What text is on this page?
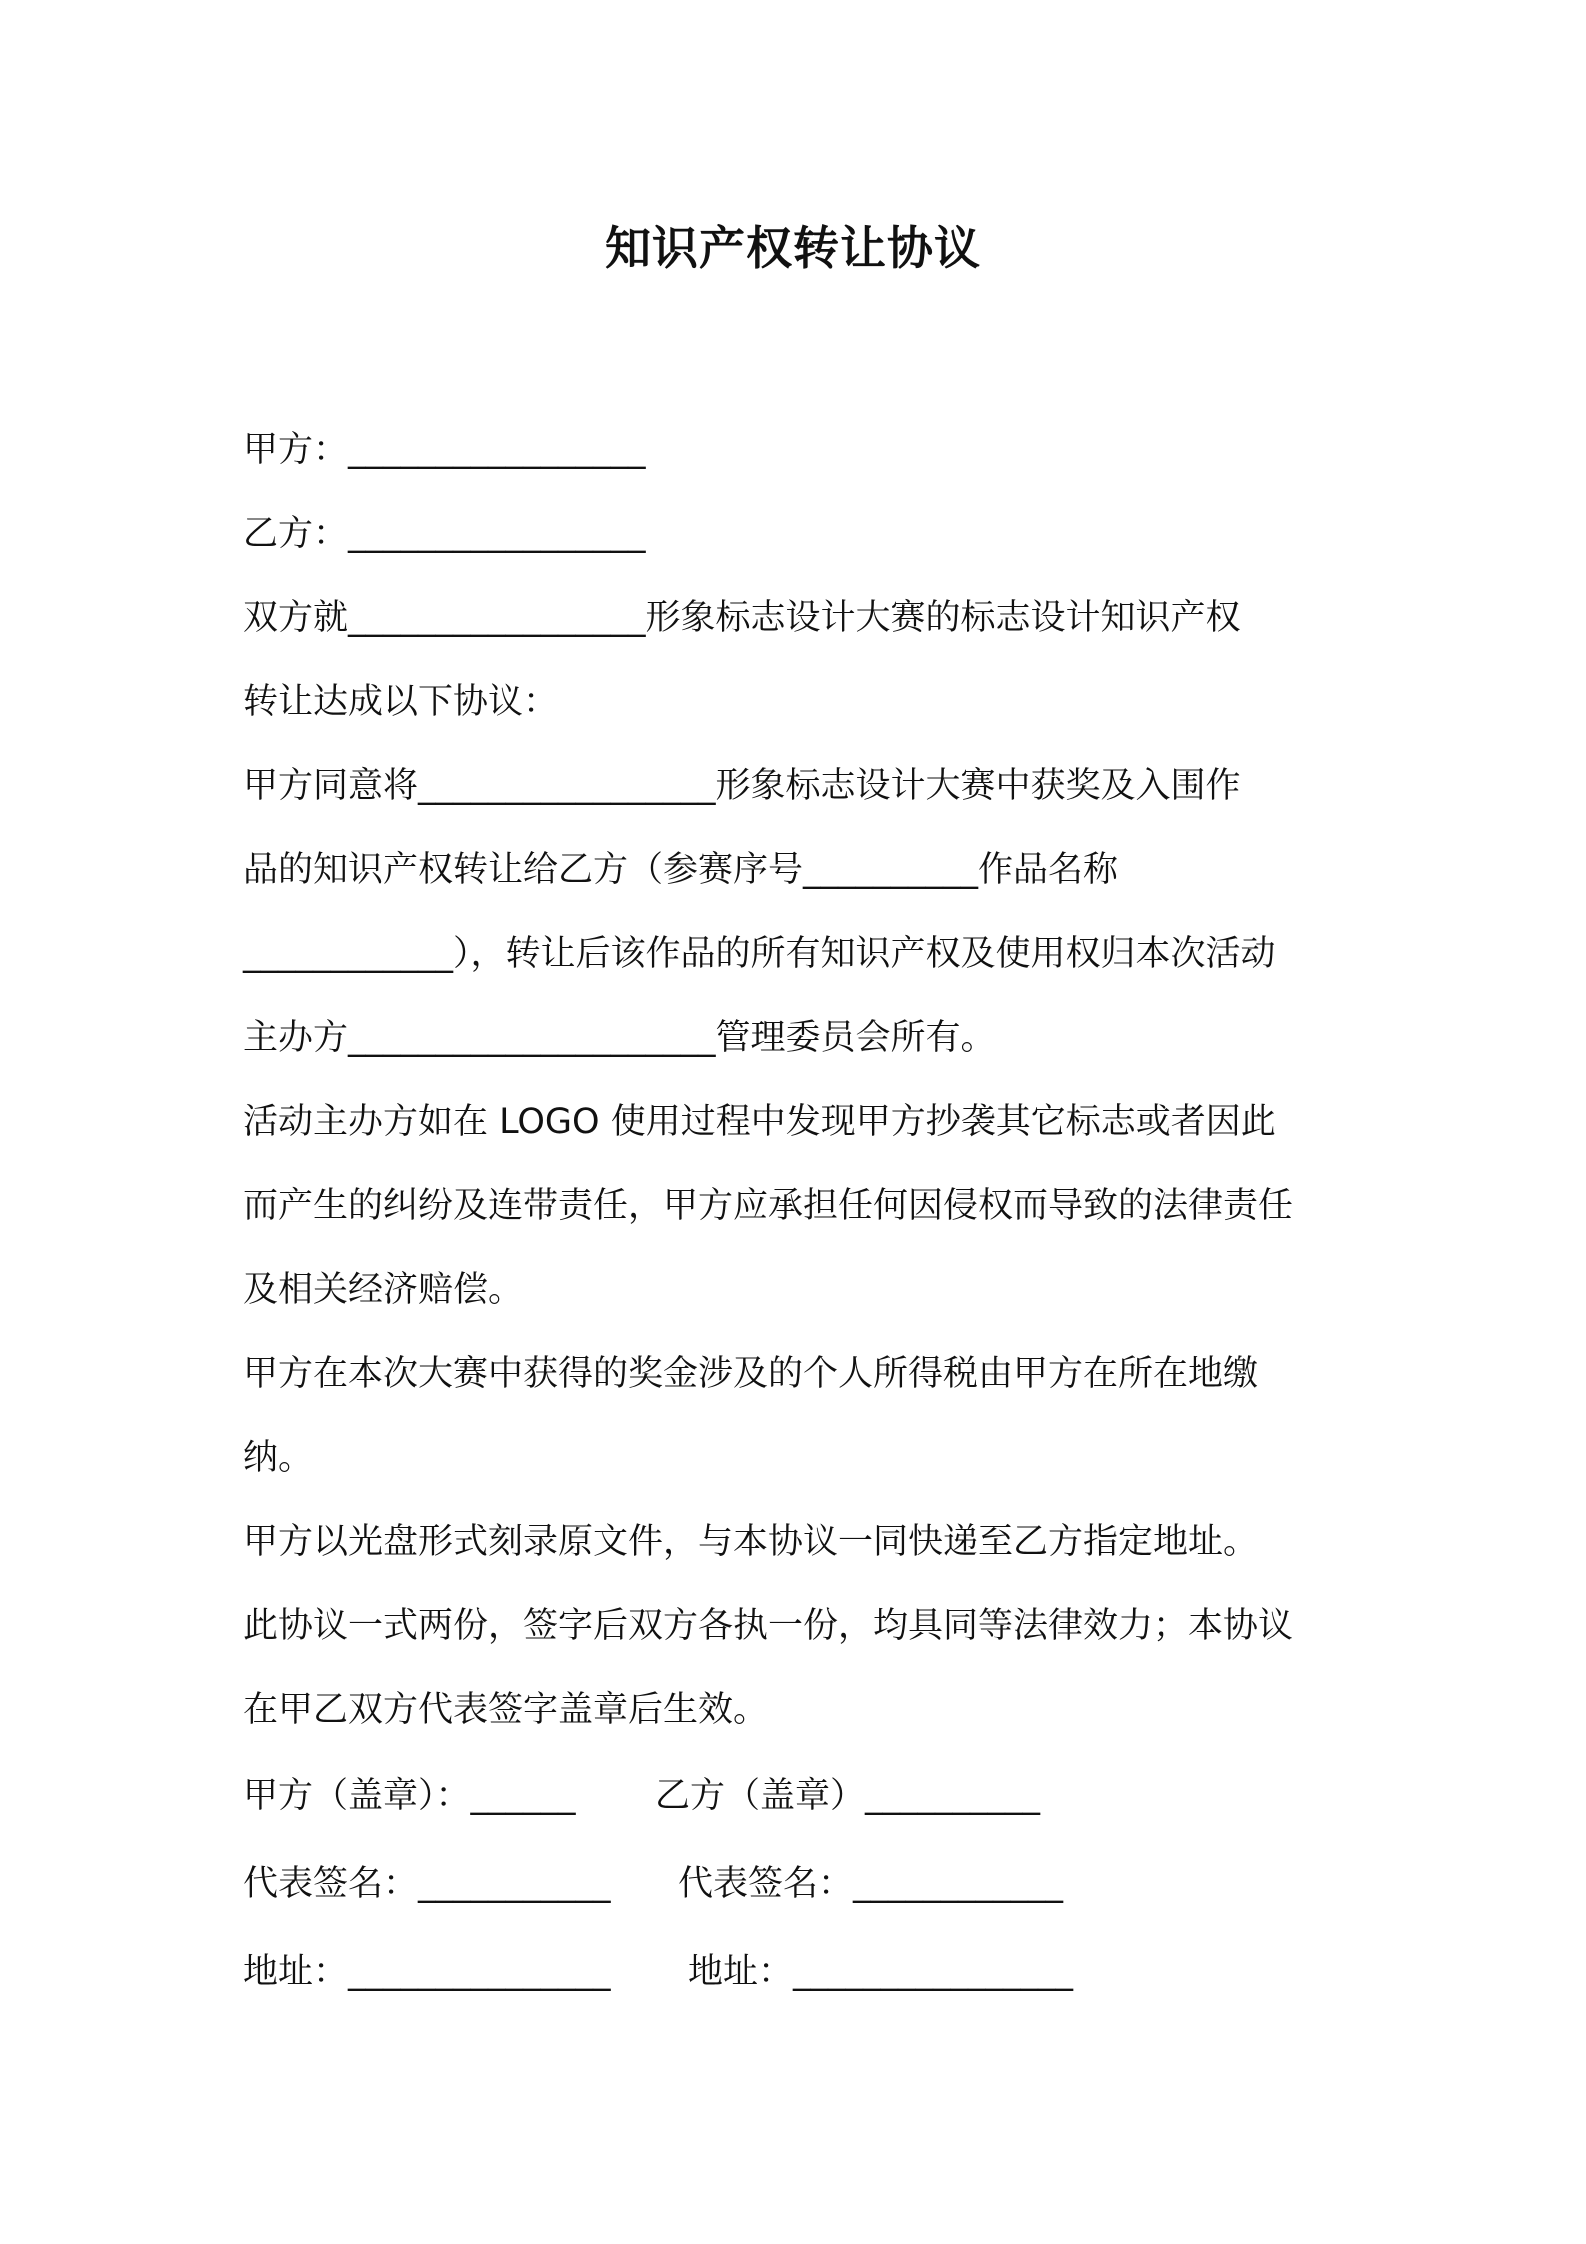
知识产权转让协议
甲方：_________________
乙方：_________________
双方就_________________形象标志设计大赛的标志设计知识产权
转让达成以下协议：
甲方同意将_________________形象标志设计大赛中获奖及入围作
品的知识产权转让给乙方（参赛序号__________作品名称
____________），转让后该作品的所有知识产权及使用权归本次活动
主办方_____________________管理委员会所有。
活动主办方如在 LOGO 使用过程中发现甲方抄袭其它标志或者因此
而产生的纠纷及连带责任，甲方应承担任何因侵权而导致的法律责任
及相关经济赔偿。
甲方在本次大赛中获得的奖金涉及的个人所得税由甲方在所在地缴
纳。
甲方以光盘形式刻录原文件，与本协议一同快递至乙方指定地址。
此协议一式两份，签字后双方各执一份，均具同等法律效力；本协议
在甲乙双方代表签字盖章后生效。
甲方（盖章）：______	乙方（盖章）__________
代表签名：___________	代表签名：____________
地址：_______________	地址：________________
